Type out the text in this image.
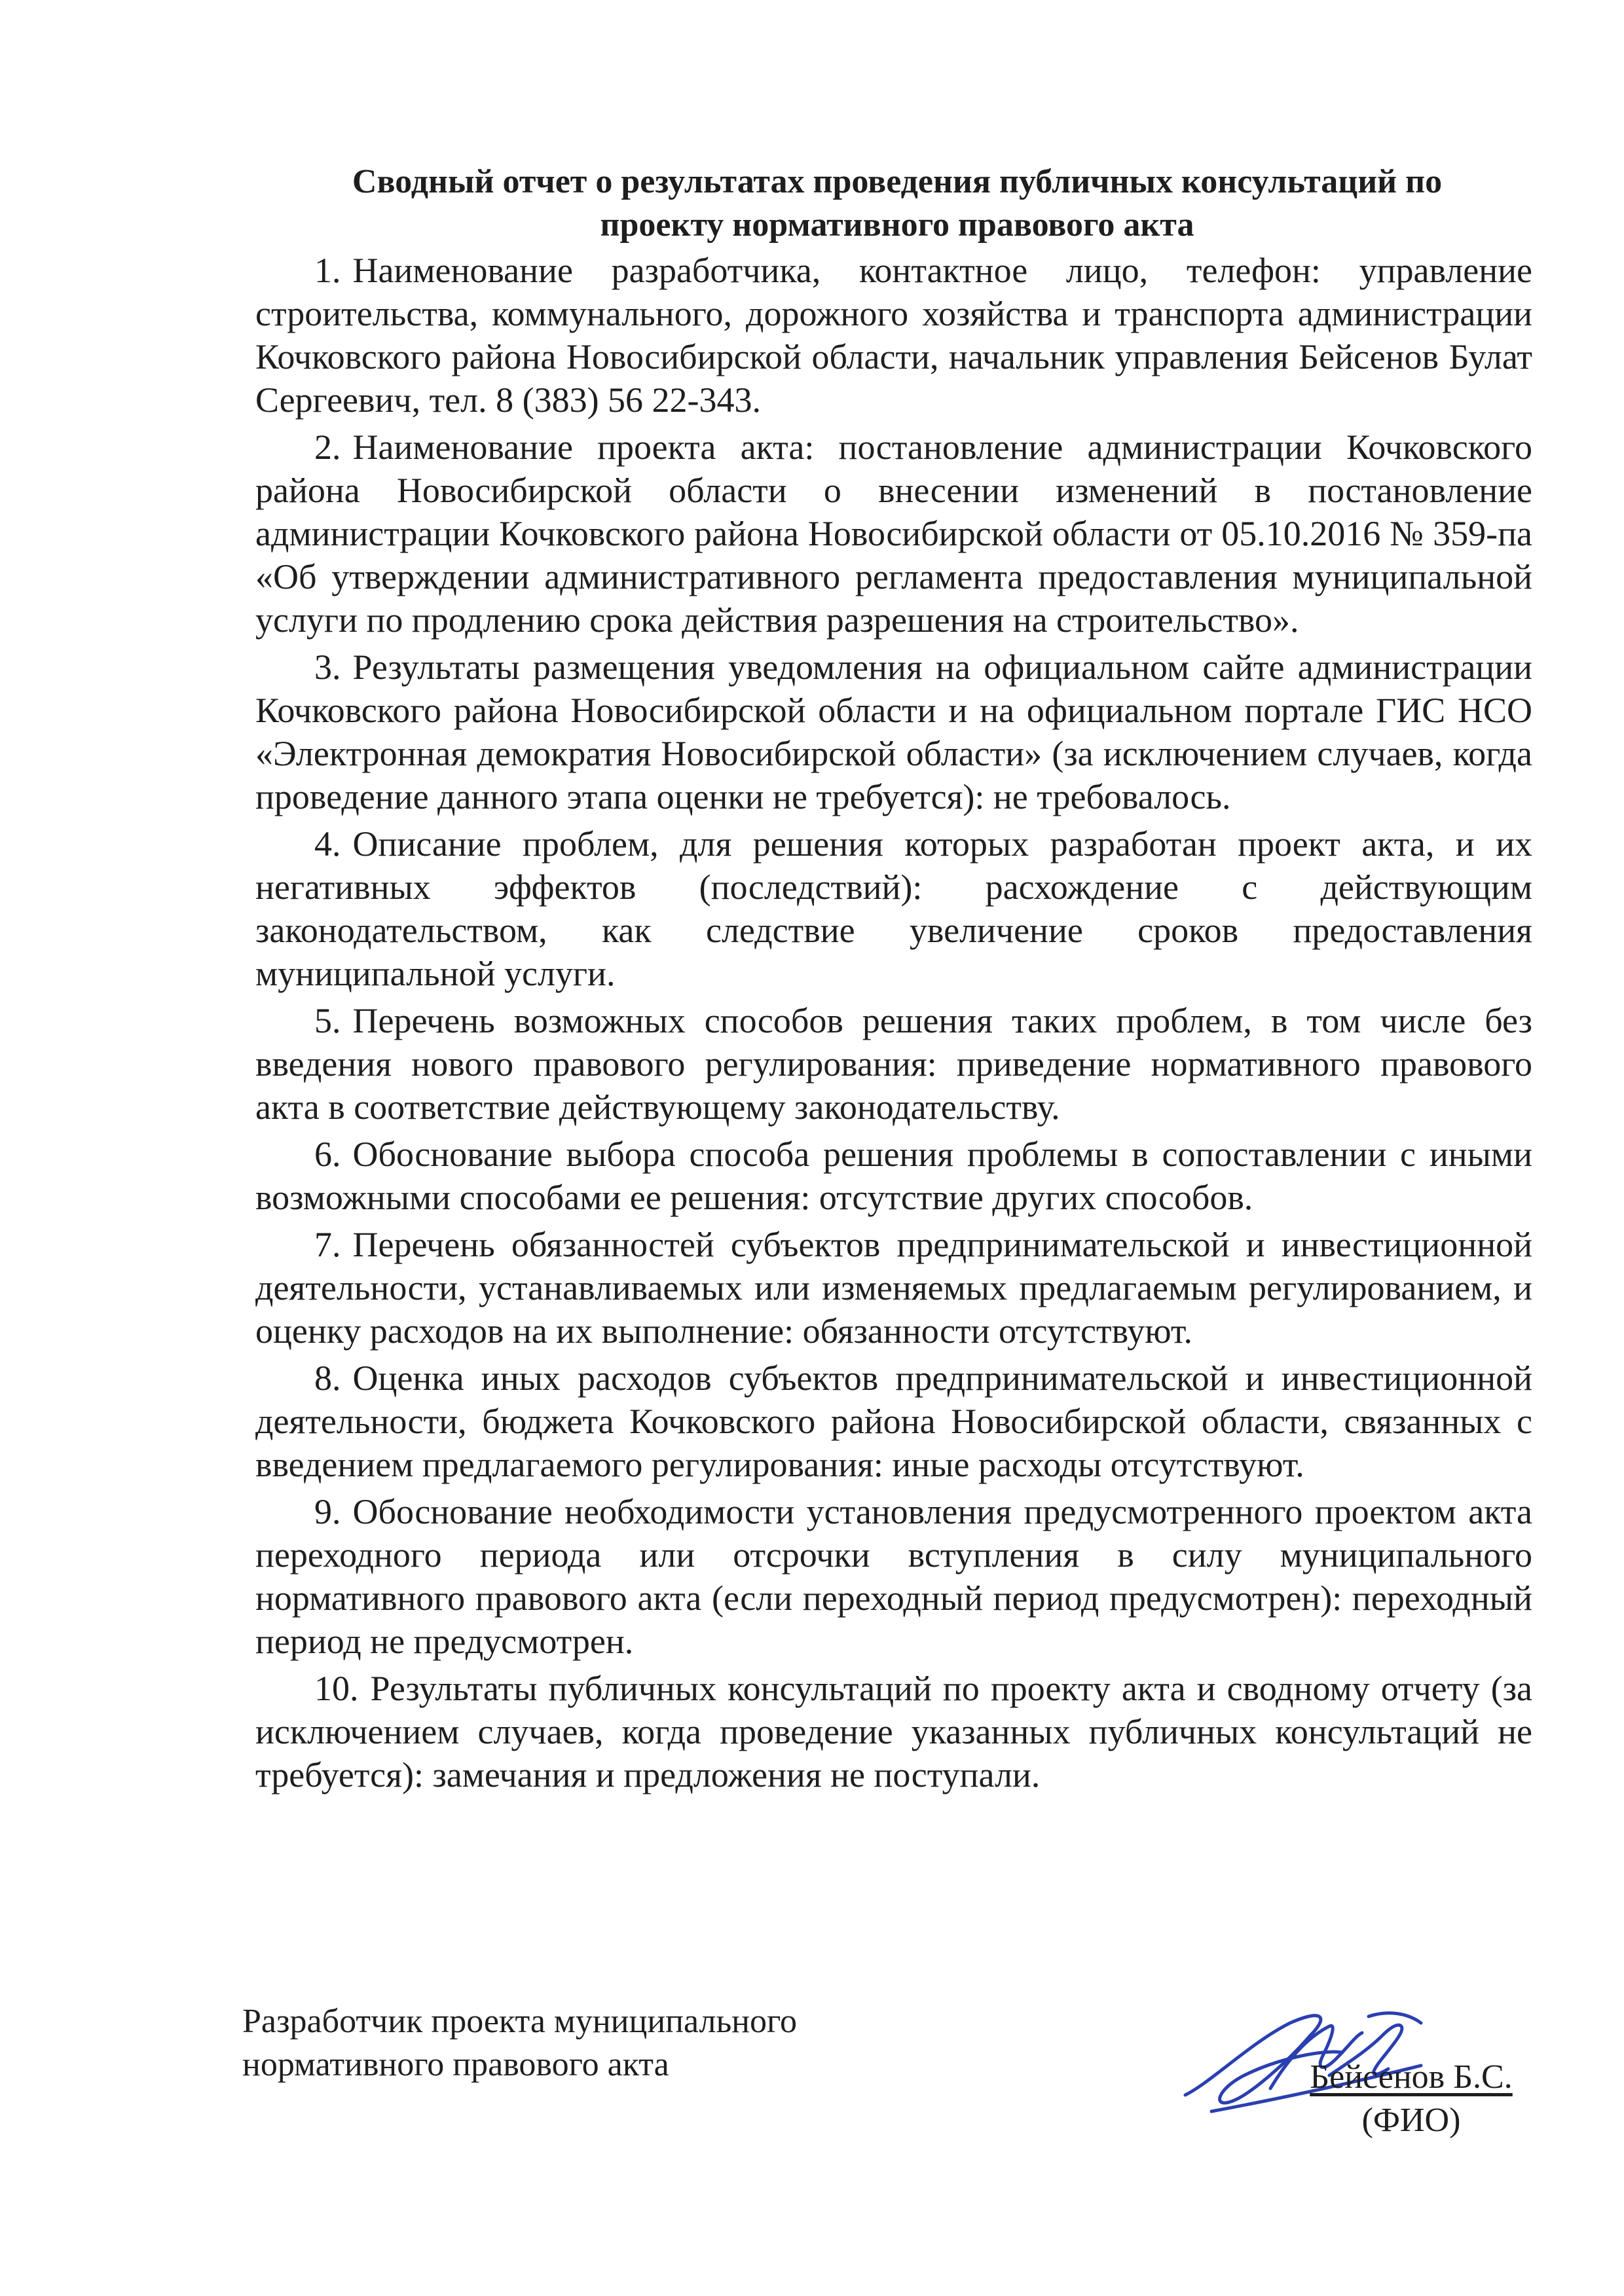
Сводный отчет о результатах проведения публичных консультаций по
проекту нормативного правового акта

1. Наименование разработчика, контактное лицо, телефон: управление строительства, коммунального, дорожного хозяйства и транспорта администрации Кочковского района Новосибирской области, начальник управления Бейсенов Булат Сергеевич, тел. 8 (383) 56 22-343.

2. Наименование проекта акта: постановление администрации Кочковского района Новосибирской области о внесении изменений в постановление администрации Кочковского района Новосибирской области от 05.10.2016 № 359-па «Об утверждении административного регламента предоставления муниципальной услуги по продлению срока действия разрешения на строительство».

3. Результаты размещения уведомления на официальном сайте администрации Кочковского района Новосибирской области и на официальном портале ГИС НСО «Электронная демократия Новосибирской области» (за исключением случаев, когда проведение данного этапа оценки не требуется): не требовалось.

4. Описание проблем, для решения которых разработан проект акта, и их негативных эффектов (последствий): расхождение с действующим законодательством, как следствие увеличение сроков предоставления муниципальной услуги.

5. Перечень возможных способов решения таких проблем, в том числе без введения нового правового регулирования: приведение нормативного правового акта в соответствие действующему законодательству.

6. Обоснование выбора способа решения проблемы в сопоставлении с иными возможными способами ее решения: отсутствие других способов.

7. Перечень обязанностей субъектов предпринимательской и инвестиционной деятельности, устанавливаемых или изменяемых предлагаемым регулированием, и оценку расходов на их выполнение: обязанности отсутствуют.

8. Оценка иных расходов субъектов предпринимательской и инвестиционной деятельности, бюджета Кочковского района Новосибирской области, связанных с введением предлагаемого регулирования: иные расходы отсутствуют.

9. Обоснование необходимости установления предусмотренного проектом акта переходного периода или отсрочки вступления в силу муниципального нормативного правового акта (если переходный период предусмотрен): переходный период не предусмотрен.

10. Результаты публичных консультаций по проекту акта и сводному отчету (за исключением случаев, когда проведение указанных публичных консультаций не требуется): замечания и предложения не поступали.

Разработчик проекта муниципального
нормативного правового акта	Бейсенов Б.С.
(ФИО)
